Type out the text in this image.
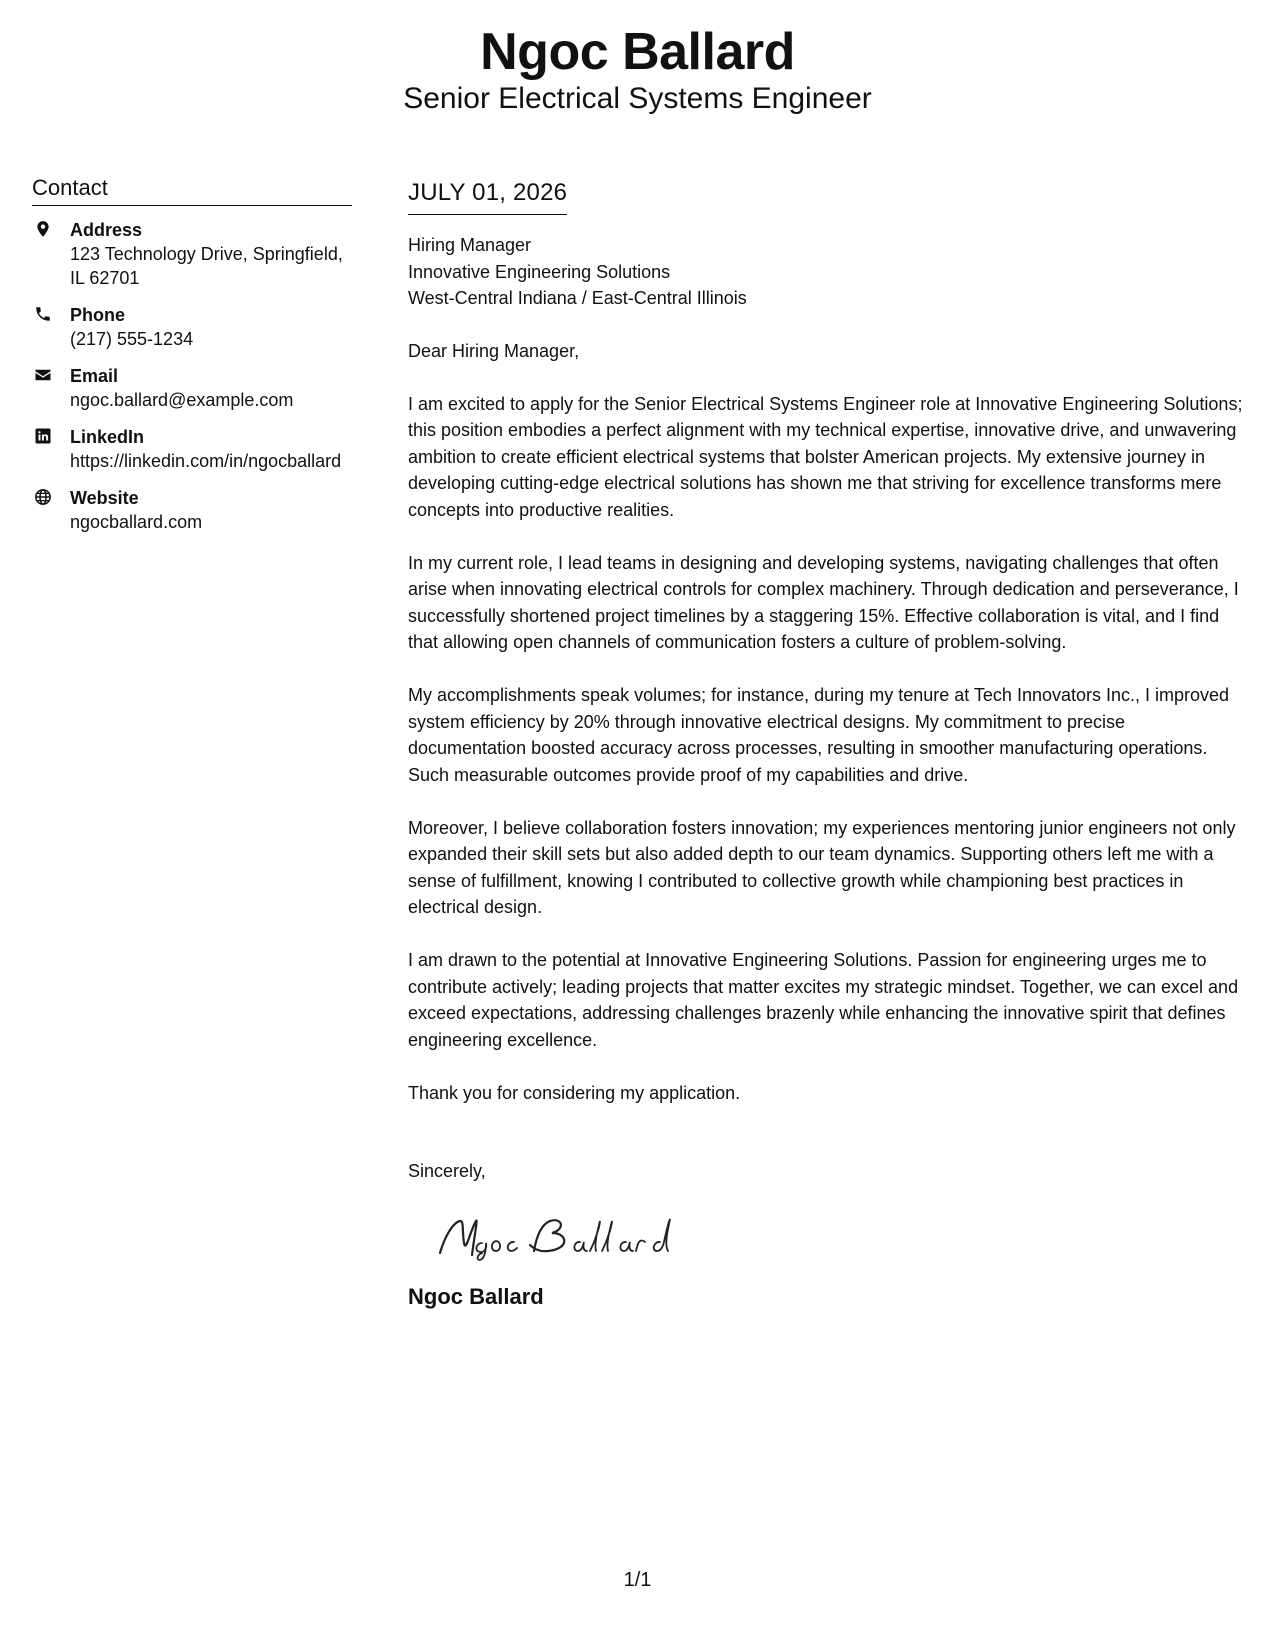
Ngoc Ballard
Senior Electrical Systems Engineer
Contact
Address
123 Technology Drive, Springfield, IL 62701
Phone
(217) 555-1234
Email
ngoc.ballard@example.com
LinkedIn
https://linkedin.com/in/ngocballard
Website
ngocballard.com
JULY 01, 2026
Hiring Manager
Innovative Engineering Solutions
West-Central Indiana / East-Central Illinois

Dear Hiring Manager,

I am excited to apply for the Senior Electrical Systems Engineer role at Innovative Engineering Solutions; this position embodies a perfect alignment with my technical expertise, innovative drive, and unwavering ambition to create efficient electrical systems that bolster American projects. My extensive journey in developing cutting-edge electrical solutions has shown me that striving for excellence transforms mere concepts into productive realities.

In my current role, I lead teams in designing and developing systems, navigating challenges that often arise when innovating electrical controls for complex machinery. Through dedication and perseverance, I successfully shortened project timelines by a staggering 15%. Effective collaboration is vital, and I find that allowing open channels of communication fosters a culture of problem-solving.

My accomplishments speak volumes; for instance, during my tenure at Tech Innovators Inc., I improved system efficiency by 20% through innovative electrical designs. My commitment to precise documentation boosted accuracy across processes, resulting in smoother manufacturing operations. Such measurable outcomes provide proof of my capabilities and drive.

Moreover, I believe collaboration fosters innovation; my experiences mentoring junior engineers not only expanded their skill sets but also added depth to our team dynamics. Supporting others left me with a sense of fulfillment, knowing I contributed to collective growth while championing best practices in electrical design.

I am drawn to the potential at Innovative Engineering Solutions. Passion for engineering urges me to contribute actively; leading projects that matter excites my strategic mindset. Together, we can excel and exceed expectations, addressing challenges brazenly while enhancing the innovative spirit that defines engineering excellence.

Thank you for considering my application.

Sincerely,
Ngoc Ballard
1/1
